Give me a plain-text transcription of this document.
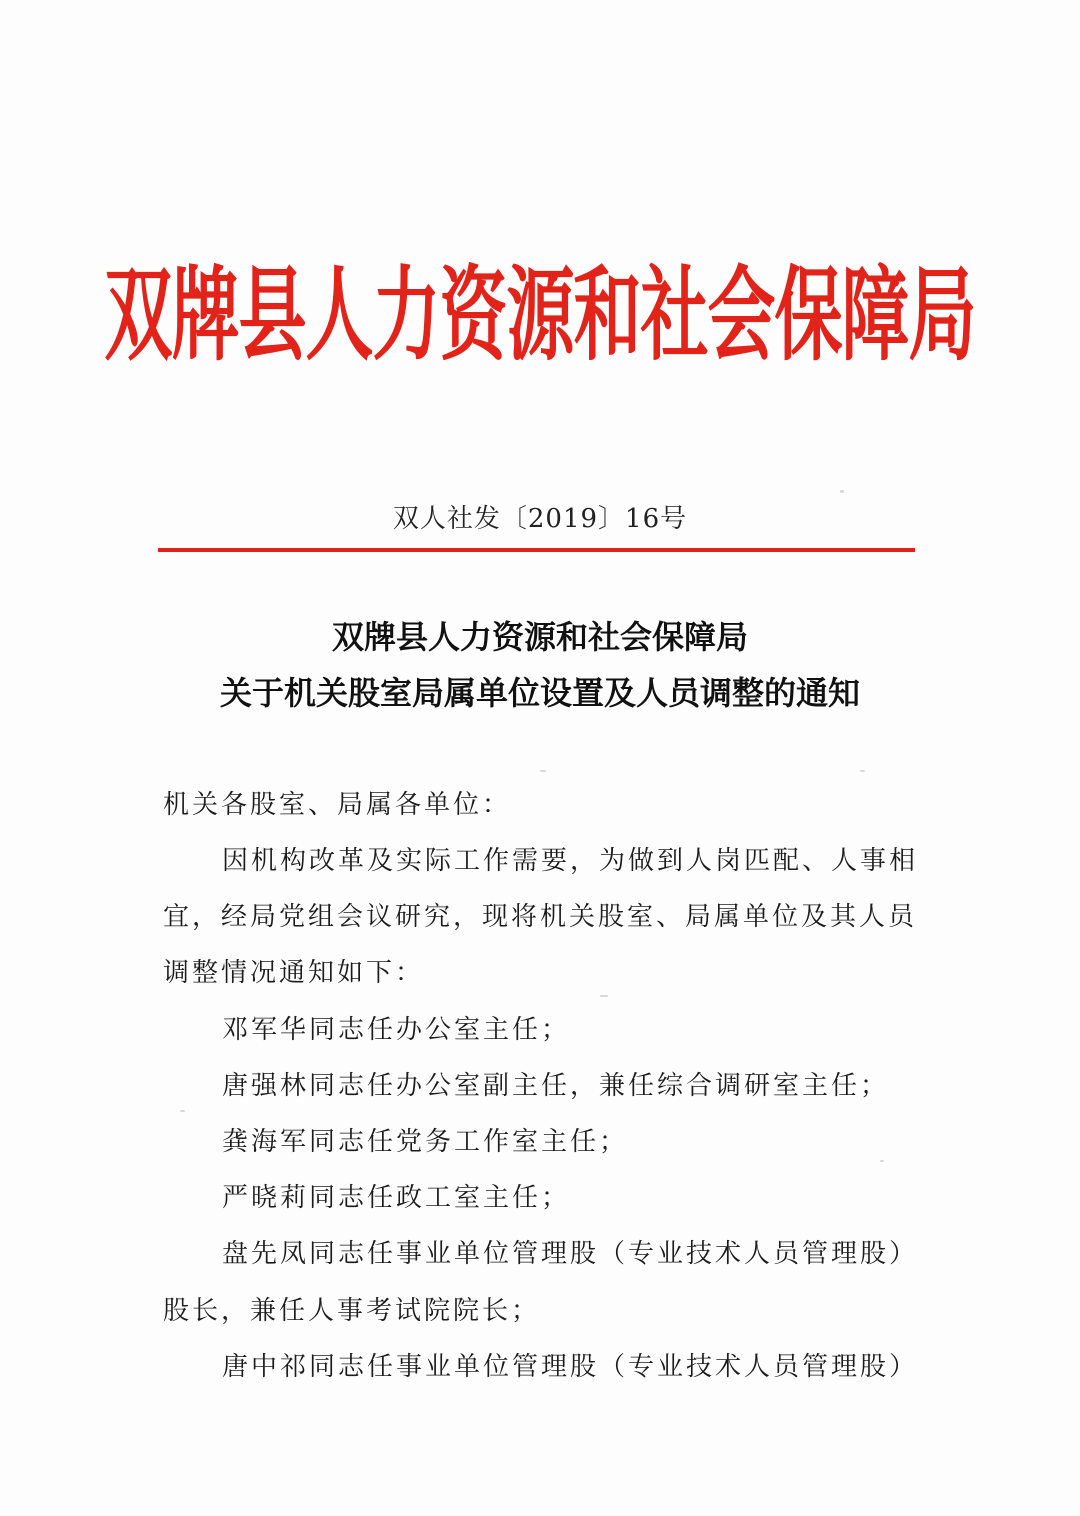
双牌县人力资源和社会保障局
双人社发〔2019〕16号
双牌县人力资源和社会保障局
关于机关股室局属单位设置及人员调整的通知
机关各股室、局属各单位：
因机构改革及实际工作需要，为做到人岗匹配、人事相
宜，经局党组会议研究，现将机关股室、局属单位及其人员
调整情况通知如下：
邓军华同志任办公室主任；
唐强林同志任办公室副主任，兼任综合调研室主任；
龚海军同志任党务工作室主任；
严晓莉同志任政工室主任；
盘先凤同志任事业单位管理股（专业技术人员管理股）
股长，兼任人事考试院院长；
唐中祁同志任事业单位管理股（专业技术人员管理股）
